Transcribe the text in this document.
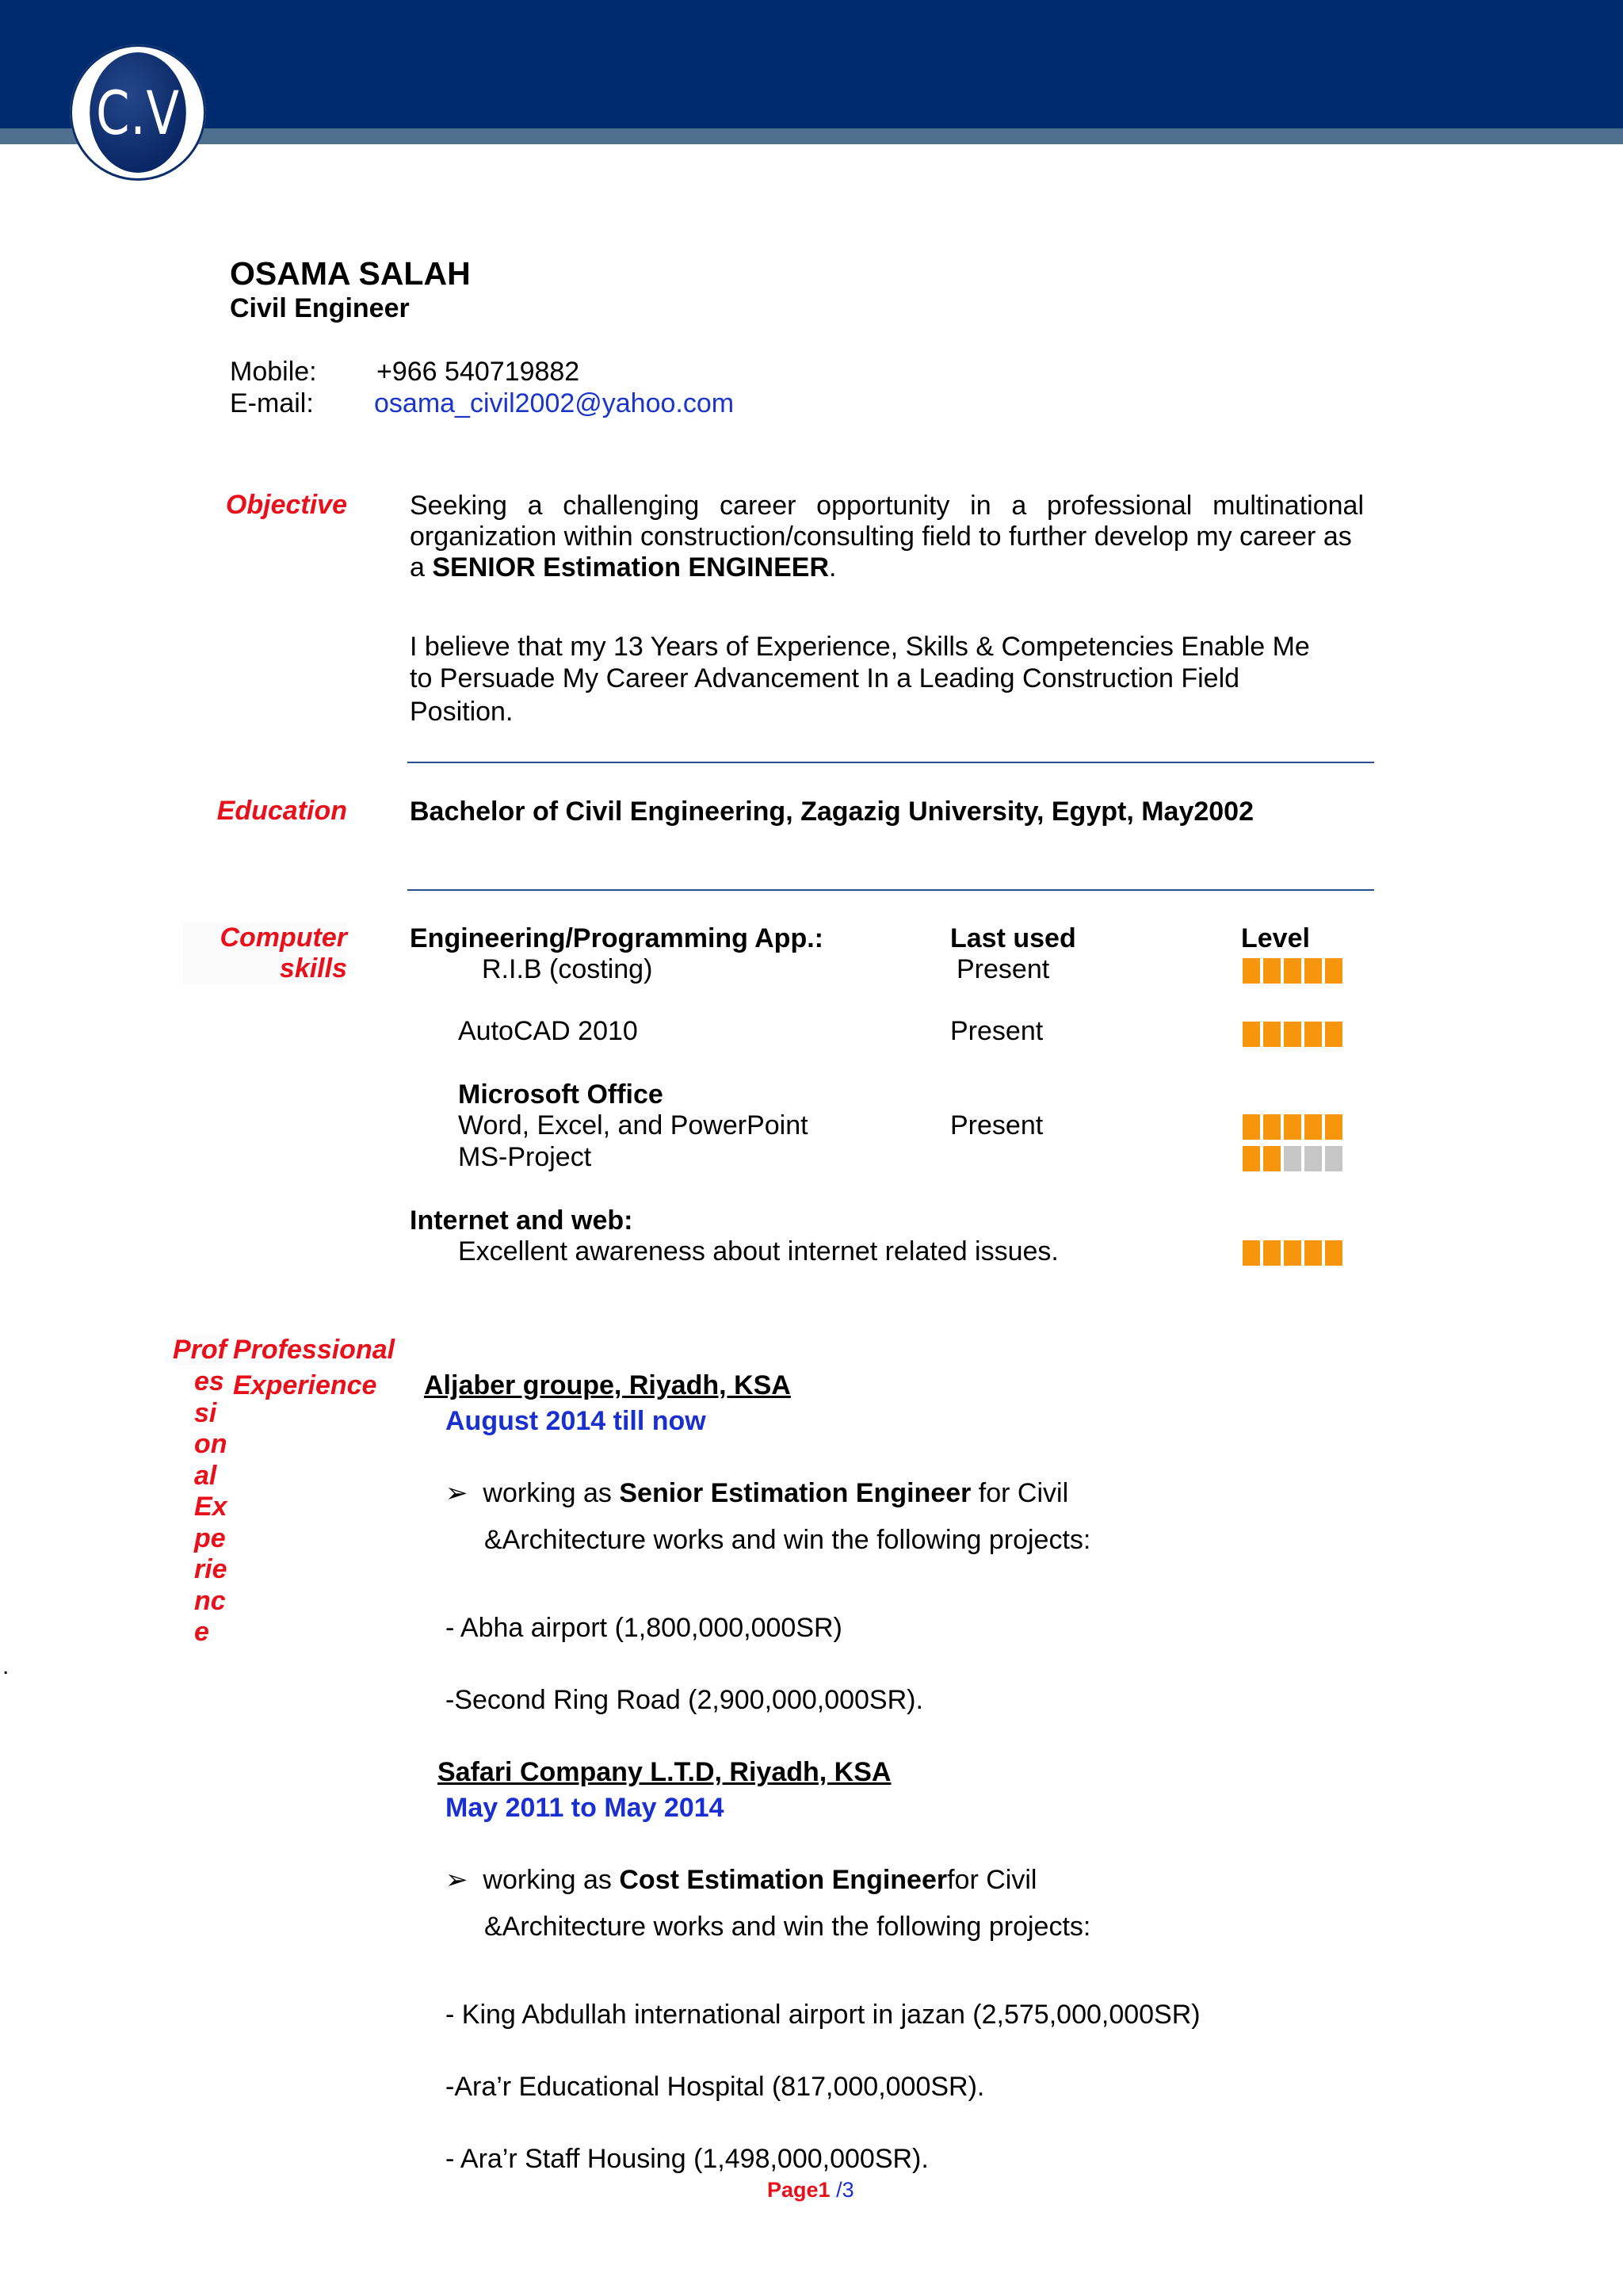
C.V
OSAMA SALAH
Civil Engineer
Mobile: +966 540719882
E-mail: osama_civil2002@yahoo.com
Objective Seeking a challenging career opportunity in a professional multinational
organization within construction/consulting field to further develop my career as
a SENIOR Estimation ENGINEER.
I believe that my 13 Years of Experience, Skills & Competencies Enable Me
to Persuade My Career Advancement In a Leading Construction Field
Position.
Education Bachelor of Civil Engineering, Zagazig University, Egypt, May2002
Computer
skills
Engineering/Programming App.:	Last used	Level
R.I.B (costing)	Present
AutoCAD 2010	Present
Microsoft Office
Word, Excel, and PowerPoint	Present
MS-Project
Internet and web:
Excellent awareness about internet related issues.
Prof Professional
Experience
es
si
on
al
Ex
pe
rie
nc
e
.
Aljaber groupe, Riyadh, KSA
August 2014 till now
➢ working as Senior Estimation Engineer for Civil
&Architecture works and win the following projects:
- Abha airport (1,800,000,000SR)
-Second Ring Road (2,900,000,000SR).
Safari Company L.T.D, Riyadh, KSA
May 2011 to May 2014
➢ working as Cost Estimation Engineerfor Civil
&Architecture works and win the following projects:
- King Abdullah international airport in jazan (2,575,000,000SR)
-Ara’r Educational Hospital (817,000,000SR).
- Ara’r Staff Housing (1,498,000,000SR).
Page1 /3
